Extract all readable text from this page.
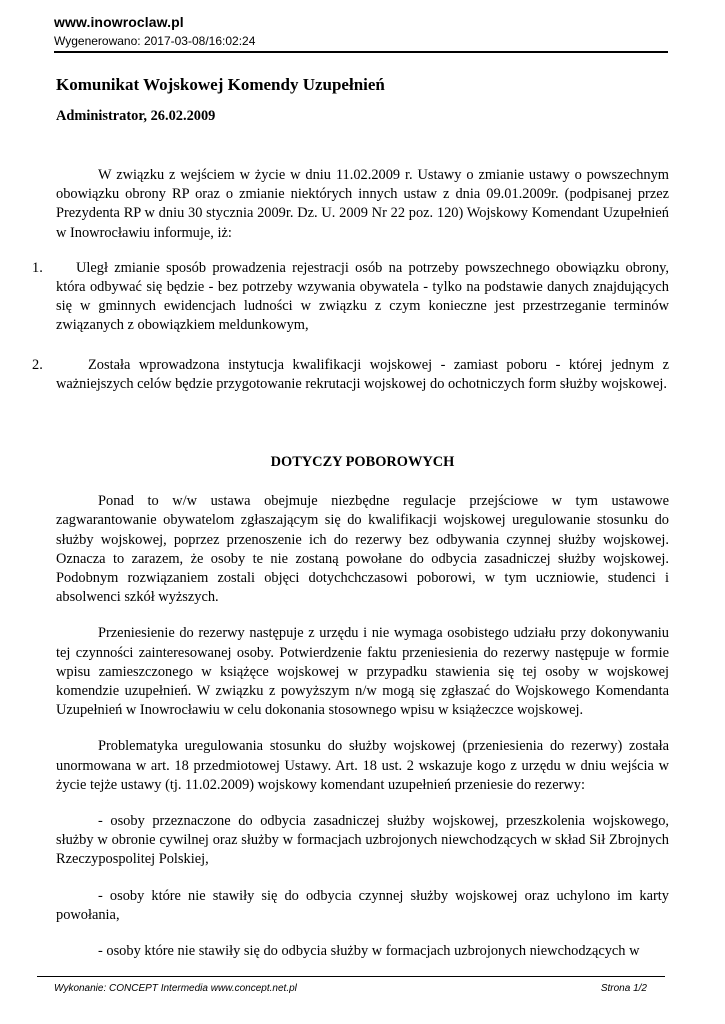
www.inowroclaw.pl
Wygenerowano: 2017-03-08/16:02:24
Komunikat Wojskowej Komendy Uzupełnień
Administrator, 26.02.2009

W związku z wejściem w życie w dniu 11.02.2009 r. Ustawy o zmianie ustawy o powszechnym obowiązku obrony RP oraz o zmianie niektórych innych ustaw z dnia 09.01.2009r. (podpisanej przez Prezydenta RP w dniu 30 stycznia 2009r. Dz. U. 2009 Nr 22 poz. 120) Wojskowy Komendant Uzupełnień w Inowrocławiu informuje, iż:

1.	Uległ zmianie sposób prowadzenia rejestracji osób na potrzeby powszechnego obowiązku obrony, która odbywać się będzie - bez potrzeby wzywania obywatela - tylko na podstawie danych znajdujących się w gminnych ewidencjach ludności w związku z czym konieczne jest przestrzeganie terminów związanych z obowiązkiem meldunkowym,

2.	Została wprowadzona instytucja kwalifikacji wojskowej - zamiast poboru - której jednym z ważniejszych celów będzie przygotowanie rekrutacji wojskowej do ochotniczych form służby wojskowej.

DOTYCZY POBOROWYCH

Ponad to w/w ustawa obejmuje niezbędne regulacje przejściowe w tym ustawowe zagwarantowanie obywatelom zgłaszającym się do kwalifikacji wojskowej uregulowanie stosunku do służby wojskowej, poprzez przenoszenie ich do rezerwy bez odbywania czynnej służby wojskowej. Oznacza to zarazem, że osoby te nie zostaną powołane do odbycia zasadniczej służby wojskowej. Podobnym rozwiązaniem zostali objęci dotychchczasowi poborowi, w tym uczniowie, studenci i absolwenci szkół wyższych.

Przeniesienie do rezerwy następuje z urzędu i nie wymaga osobistego udziału przy dokonywaniu tej czynności zainteresowanej osoby. Potwierdzenie faktu przeniesienia do rezerwy następuje w formie wpisu zamieszczonego w książęce wojskowej w przypadku stawienia się tej osoby w wojskowej komendzie uzupełnień. W związku z powyższym n/w mogą się zgłaszać do Wojskowego Komendanta Uzupełnień w Inowrocławiu w celu dokonania stosownego wpisu w książeczce wojskowej.

Problematyka uregulowania stosunku do służby wojskowej (przeniesienia do rezerwy) została unormowana w art. 18 przedmiotowej Ustawy. Art. 18 ust. 2 wskazuje kogo z urzędu w dniu wejścia w życie tejże ustawy (tj. 11.02.2009) wojskowy komendant uzupełnień przeniesie do rezerwy:

- osoby przeznaczone do odbycia zasadniczej służby wojskowej, przeszkolenia wojskowego, służby w obronie cywilnej oraz służby w formacjach uzbrojonych niewchodzących w skład Sił Zbrojnych Rzeczypospolitej Polskiej,

- osoby które nie stawiły się do odbycia czynnej służby wojskowej oraz uchylono im karty powołania,

- osoby które nie stawiły się do odbycia służby w formacjach uzbrojonych niewchodzących w

Wykonanie: CONCEPT Intermedia www.concept.net.pl	Strona 1/2
